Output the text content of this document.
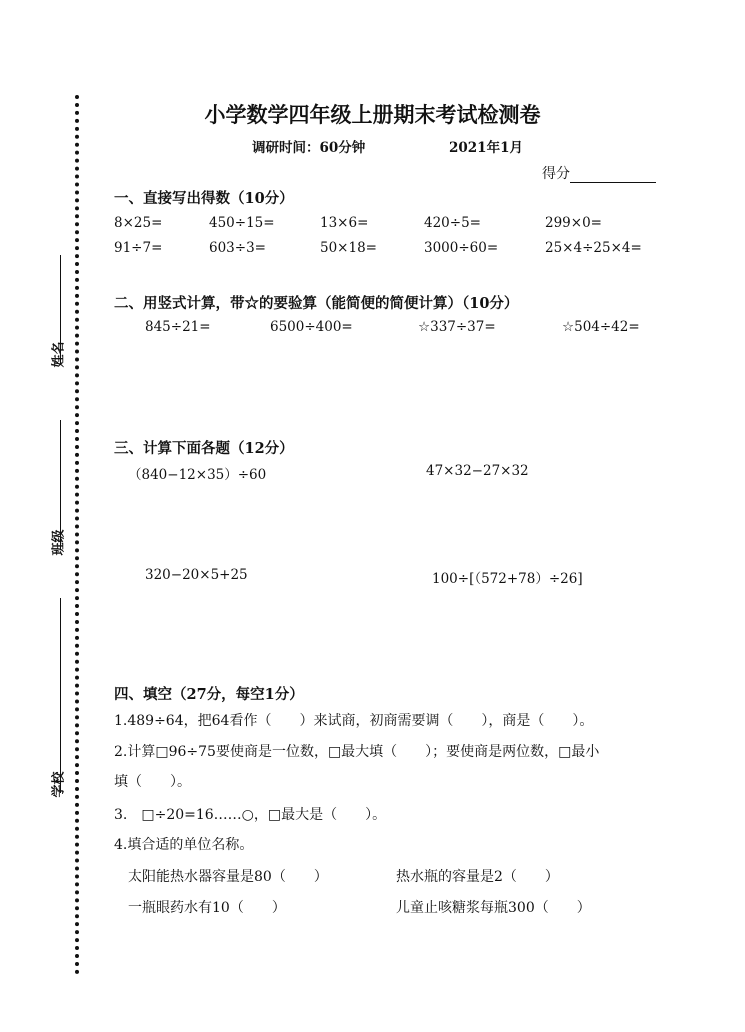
姓名
班级
学校
小学数学四年级上册期末考试检测卷
调研时间：60分钟	2021年1月
得分
一、直接写出得数（10分）
8×25=	450÷15=	13×6=	420÷5=	299×0=
91÷7=	603÷3=	50×18=	3000÷60=	25×4÷25×4=
二、用竖式计算，带☆的要验算（能简便的简便计算）（10分）
845÷21=	6500÷400=	☆337÷37=	☆504÷42=
三、计算下面各题（12分）
（840−12×35）÷60	47×32−27×32
320−20×5+25	100÷[（572+78）÷26]
四、填空（27分，每空1分）
1.489÷64，把64看作（　　）来试商，初商需要调（　　），商是（　　）。
2.计算□96÷75要使商是一位数，□最大填（　　）；要使商是两位数，□最小
填（　　）。
3.　□÷20=16……○，□最大是（　　）。
4.填合适的单位名称。
太阳能热水器容量是80（　　）	热水瓶的容量是2（　　）
一瓶眼药水有10（　　）	儿童止咳糖浆每瓶300（　　）
